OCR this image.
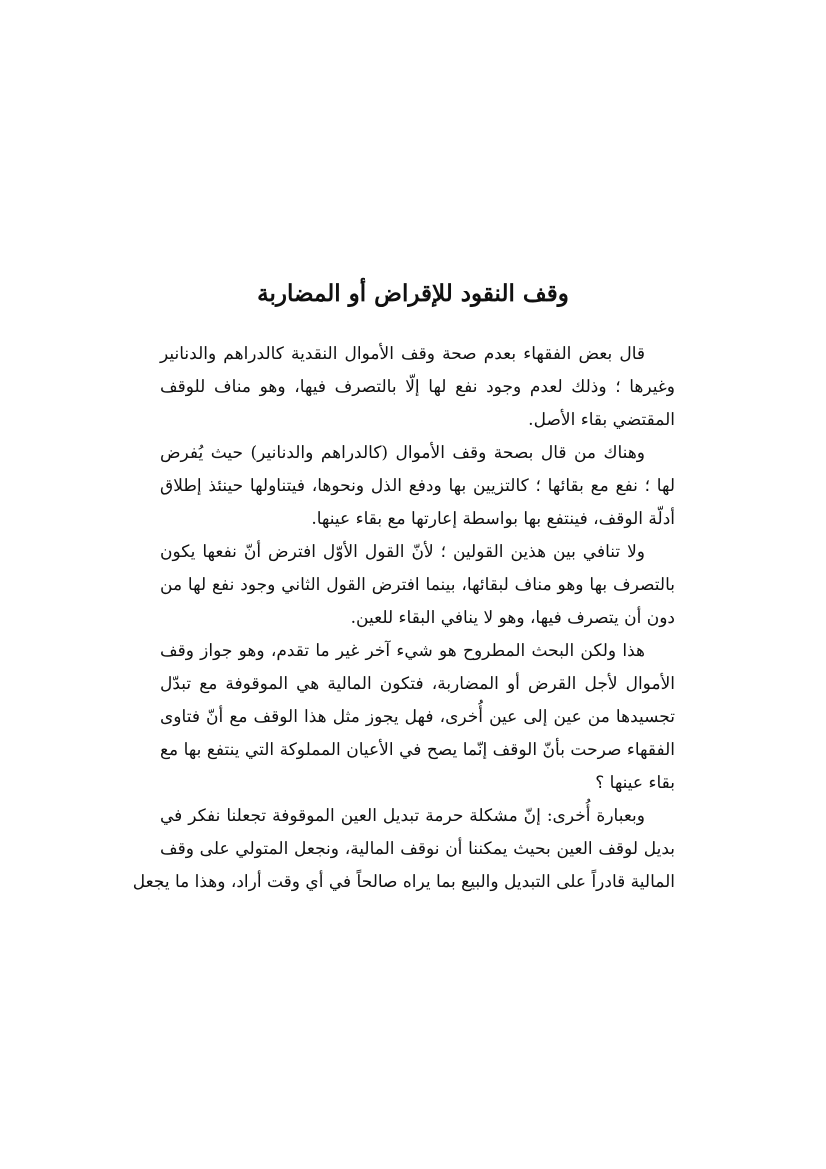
وقف النقود للإقراض أو المضاربة
قال بعض الفقهاء بعدم صحة وقف الأموال النقدية كالدراهم والدنانير
وغيرها ؛ وذلك لعدم وجود نفع لها إلّا بالتصرف فيها، وهو مناف للوقف
المقتضي بقاء الأصل.
وهناك من قال بصحة وقف الأموال (كالدراهم والدنانير) حيث يُفرض
لها ؛ نفع مع بقائها ؛ كالتزيين بها ودفع الذل ونحوها، فيتناولها حينئذ إطلاق
أدلّة الوقف، فينتفع بها بواسطة إعارتها مع بقاء عينها.
ولا تنافي بين هذين القولين ؛ لأنّ القول الأوّل افترض أنّ نفعها يكون
بالتصرف بها وهو مناف لبقائها، بينما افترض القول الثاني وجود نفع لها من
دون أن يتصرف فيها، وهو لا ينافي البقاء للعين.
هذا ولكن البحث المطروح هو شيء آخر غير ما تقدم، وهو جواز وقف
الأموال لأجل القرض أو المضاربة، فتكون المالية هي الموقوفة مع تبدّل
تجسيدها من عين إلى عين أُخرى، فهل يجوز مثل هذا الوقف مع أنّ فتاوى
الفقهاء صرحت بأنّ الوقف إنّما يصح في الأعيان المملوكة التي ينتفع بها مع
بقاء عينها ؟
وبعبارة أُخرى: إنّ مشكلة حرمة تبديل العين الموقوفة تجعلنا نفكر في
بديل لوقف العين بحيث يمكننا أن نوقف المالية، ونجعل المتولي على وقف
المالية قادراً على التبديل والبيع بما يراه صالحاً في أي وقت أراد، وهذا ما يجعل
